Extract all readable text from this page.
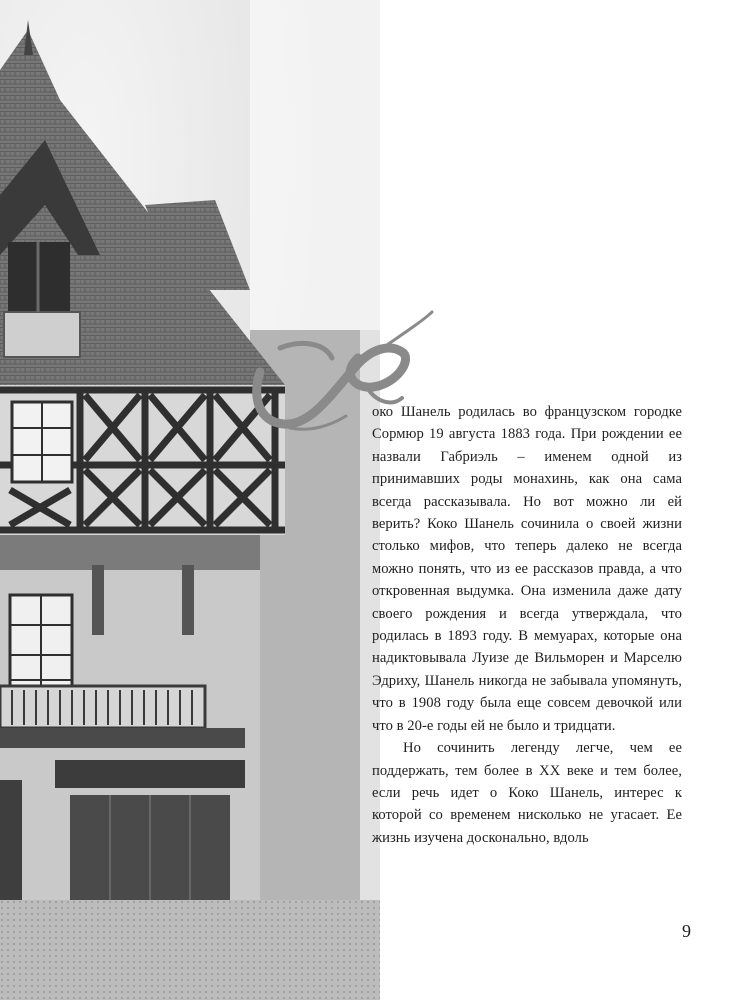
К

око Шанель родилась во французском городке Сормюр 19 августа 1883 года. При рождении ее назвали Габриэль – именем одной из принимавших роды монахинь, как она сама всегда рассказывала. Но вот можно ли ей верить? Коко Шанель сочинила о своей жизни столько мифов, что теперь далеко не всегда можно понять, что из ее рассказов правда, а что откровенная выдумка. Она изменила даже дату своего рождения и всегда утверждала, что родилась в 1893 году. В мемуарах, которые она надиктовывала Луизе де Вильморен и Марселю Эдриху, Шанель никогда не забывала упомянуть, что в 1908 году была еще совсем девочкой или что в 20-е годы ей не было и тридцати.

Но сочинить легенду легче, чем ее поддержать, тем более в XX веке и тем более, если речь идет о Коко Шанель, интерес к которой со временем нисколько не угасает. Ее жизнь изучена досконально, вдоль

9
